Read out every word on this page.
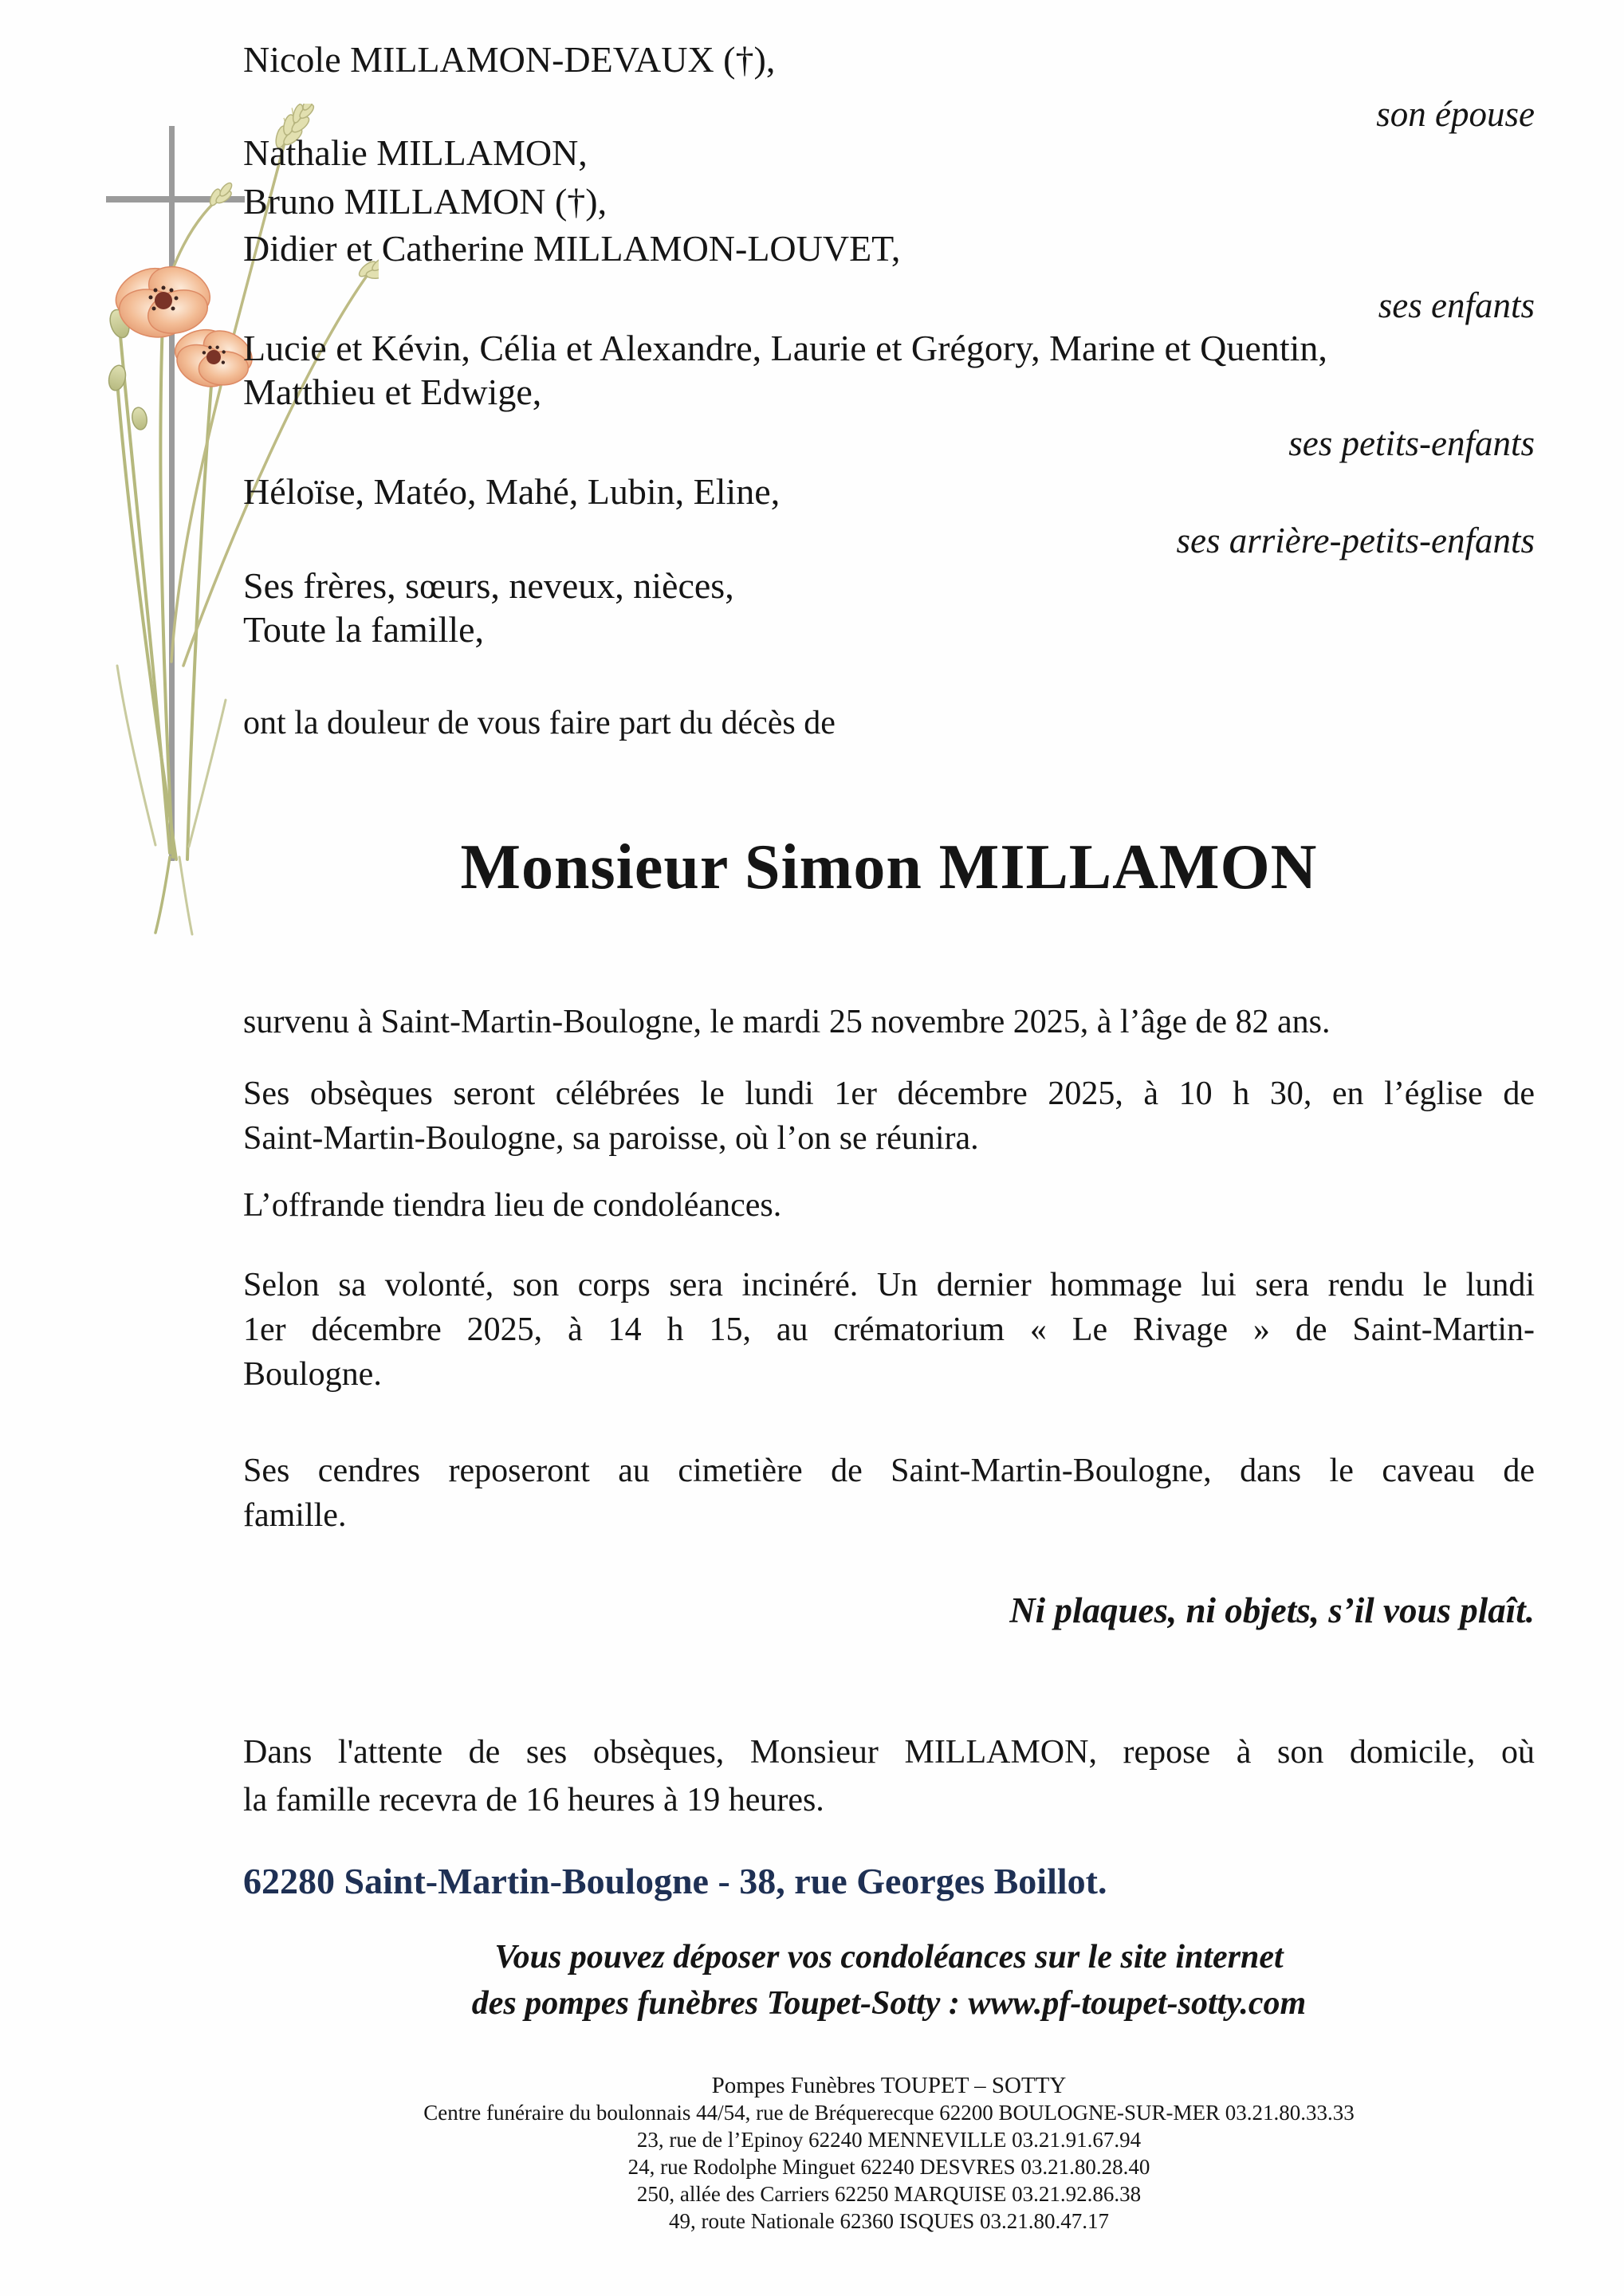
Nicole MILLAMON-DEVAUX (†),
son épouse
Nathalie MILLAMON,
Bruno MILLAMON (†),
Didier et Catherine MILLAMON-LOUVET,
ses enfants
Lucie et Kévin, Célia et Alexandre, Laurie et Grégory, Marine et Quentin,
Matthieu et Edwige,
ses petits-enfants
Héloïse, Matéo, Mahé, Lubin, Eline,
ses arrière-petits-enfants
Ses frères, sœurs, neveux, nièces,
Toute la famille,
ont la douleur de vous faire part du décès de
Monsieur Simon MILLAMON
survenu à Saint-Martin-Boulogne, le mardi 25 novembre 2025, à l’âge de 82 ans.
Ses obsèques seront célébrées le lundi 1er décembre 2025, à 10 h 30, en l’église de
Saint-Martin-Boulogne, sa paroisse, où l’on se réunira.
L’offrande tiendra lieu de condoléances.
Selon sa volonté, son corps sera incinéré. Un dernier hommage lui sera rendu le lundi
1er décembre 2025, à 14 h 15, au crématorium « Le Rivage » de Saint-Martin-
Boulogne.
Ses cendres reposeront au cimetière de Saint-Martin-Boulogne, dans le caveau de
famille.
Ni plaques, ni objets, s’il vous plaît.
Dans l'attente de ses obsèques, Monsieur MILLAMON, repose à son domicile, où
la famille recevra de 16 heures à 19 heures.
62280 Saint-Martin-Boulogne - 38, rue Georges Boillot.
Vous pouvez déposer vos condoléances sur le site internet
des pompes funèbres Toupet-Sotty : www.pf-toupet-sotty.com
Pompes Funèbres TOUPET – SOTTY
Centre funéraire du boulonnais 44/54, rue de Bréquerecque 62200 BOULOGNE-SUR-MER 03.21.80.33.33
23, rue de l’Epinoy 62240 MENNEVILLE 03.21.91.67.94
24, rue Rodolphe Minguet 62240 DESVRES 03.21.80.28.40
250, allée des Carriers 62250 MARQUISE 03.21.92.86.38
49, route Nationale 62360 ISQUES 03.21.80.47.17
